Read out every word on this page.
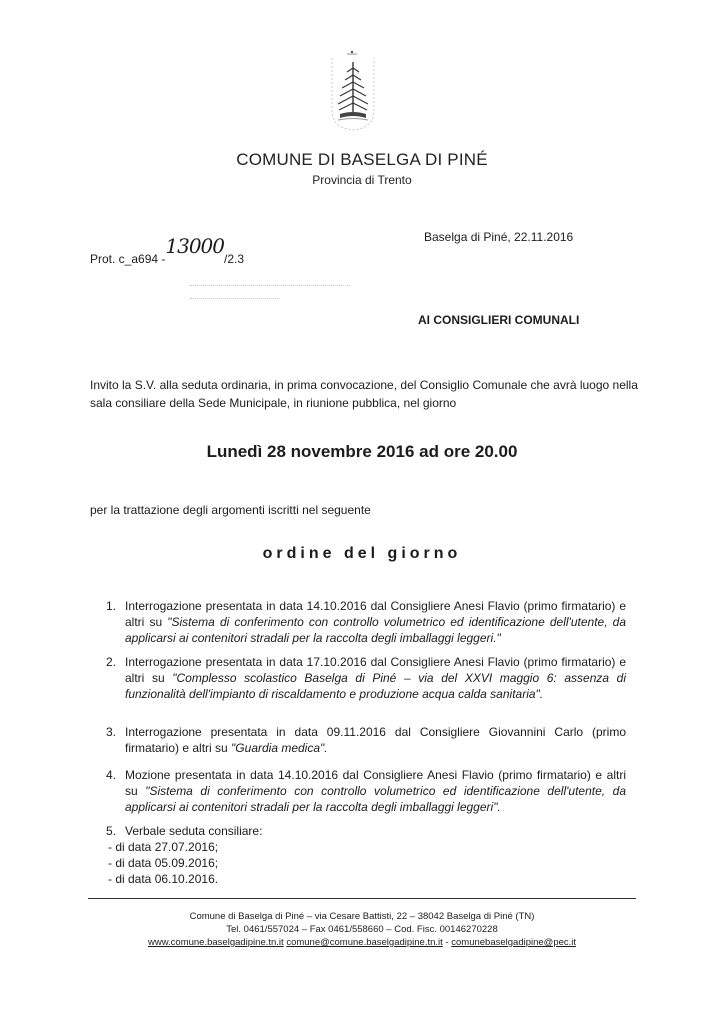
COMUNE DI BASELGA DI PINÉ
Provincia di Trento
Prot. c_a694 -13000/2.3
Baselga di Piné, 22.11.2016
AI CONSIGLIERI COMUNALI
Invito la S.V. alla seduta ordinaria, in prima convocazione, del Consiglio Comunale che avrà luogo nella sala consiliare della Sede Municipale, in riunione pubblica, nel giorno
Lunedì 28 novembre 2016 ad ore 20.00
per la trattazione degli argomenti iscritti nel seguente
ordine del giorno
1. Interrogazione presentata in data 14.10.2016 dal Consigliere Anesi Flavio (primo firmatario) e altri su "Sistema di conferimento con controllo volumetrico ed identificazione dell'utente, da applicarsi ai contenitori stradali per la raccolta degli imballaggi leggeri."
2. Interrogazione presentata in data 17.10.2016 dal Consigliere Anesi Flavio (primo firmatario) e altri su "Complesso scolastico Baselga di Piné – via del XXVI maggio 6: assenza di funzionalità dell'impianto di riscaldamento e produzione acqua calda sanitaria".
3. Interrogazione presentata in data 09.11.2016 dal Consigliere Giovannini Carlo (primo firmatario) e altri su "Guardia medica".
4. Mozione presentata in data 14.10.2016 dal Consigliere Anesi Flavio (primo firmatario) e altri su "Sistema di conferimento con controllo volumetrico ed identificazione dell'utente, da applicarsi ai contenitori stradali per la raccolta degli imballaggi leggeri".
5. Verbale seduta consiliare:
- di data 27.07.2016;
- di data 05.09.2016;
- di data 06.10.2016.
Comune di Baselga di Piné – via Cesare Battisti, 22 – 38042 Baselga di Piné (TN)
Tel. 0461/557024 – Fax 0461/558660 – Cod. Fisc. 00146270228
www.comune.baselgadipine.tn.it comune@comune.baselgadipine.tn.it - comunebaselgadipine@pec.it
